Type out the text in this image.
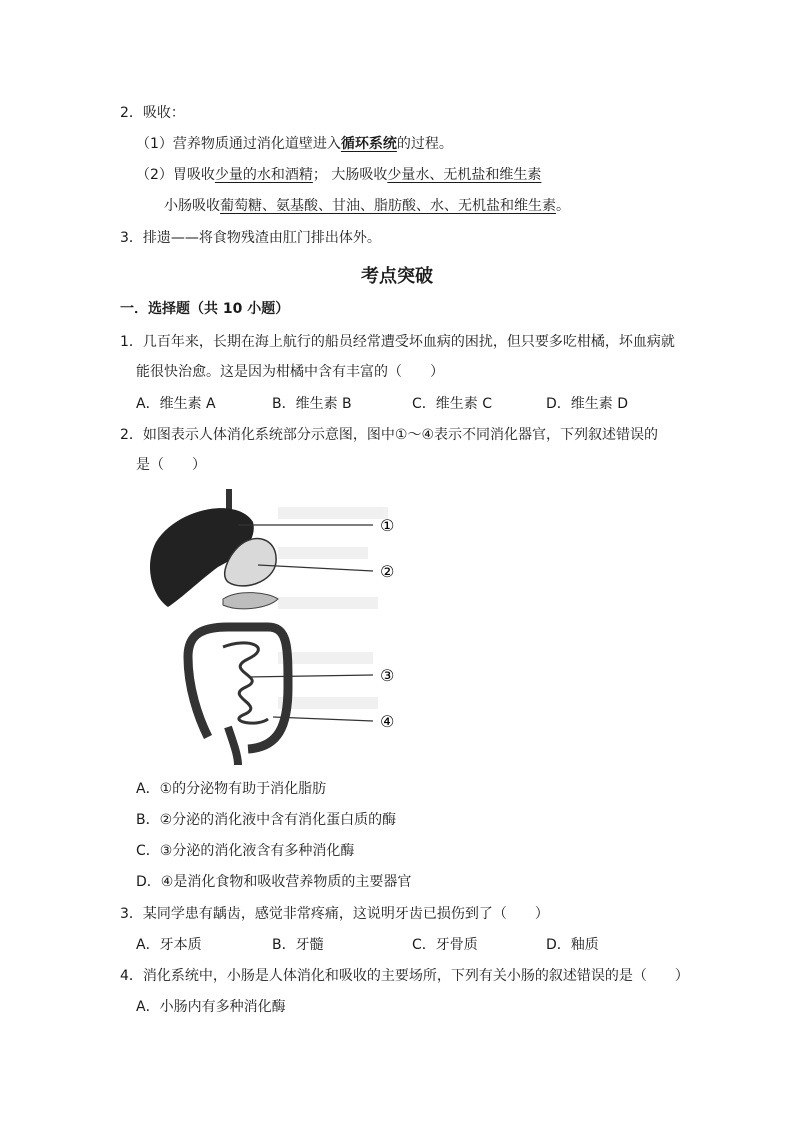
2．吸收：
（1）营养物质通过消化道壁进入循环系统的过程。
（2）胃吸收少量的水和酒精； 大肠吸收少量水、无机盐和维生素
小肠吸收葡萄糖、氨基酸、甘油、脂肪酸、水、无机盐和维生素。
3．排遗——将食物残渣由肛门排出体外。
考点突破
一．选择题（共 10 小题）
1．几百年来，长期在海上航行的船员经常遭受坏血病的困扰，但只要多吃柑橘，坏血病就
能很快治愈。这是因为柑橘中含有丰富的（　　）
A．维生素 A	B．维生素 B	C．维生素 C	D．维生素 D
2．如图表示人体消化系统部分示意图，图中①～④表示不同消化器官，下列叙述错误的
是（　　）
①
②
③
④
A．①的分泌物有助于消化脂肪
B．②分泌的消化液中含有消化蛋白质的酶
C．③分泌的消化液含有多种消化酶
D．④是消化食物和吸收营养物质的主要器官
3．某同学患有龋齿，感觉非常疼痛，这说明牙齿已损伤到了（　　）
A．牙本质	B．牙髓	C．牙骨质	D．釉质
4．消化系统中，小肠是人体消化和吸收的主要场所，下列有关小肠的叙述错误的是（　　）
A．小肠内有多种消化酶
